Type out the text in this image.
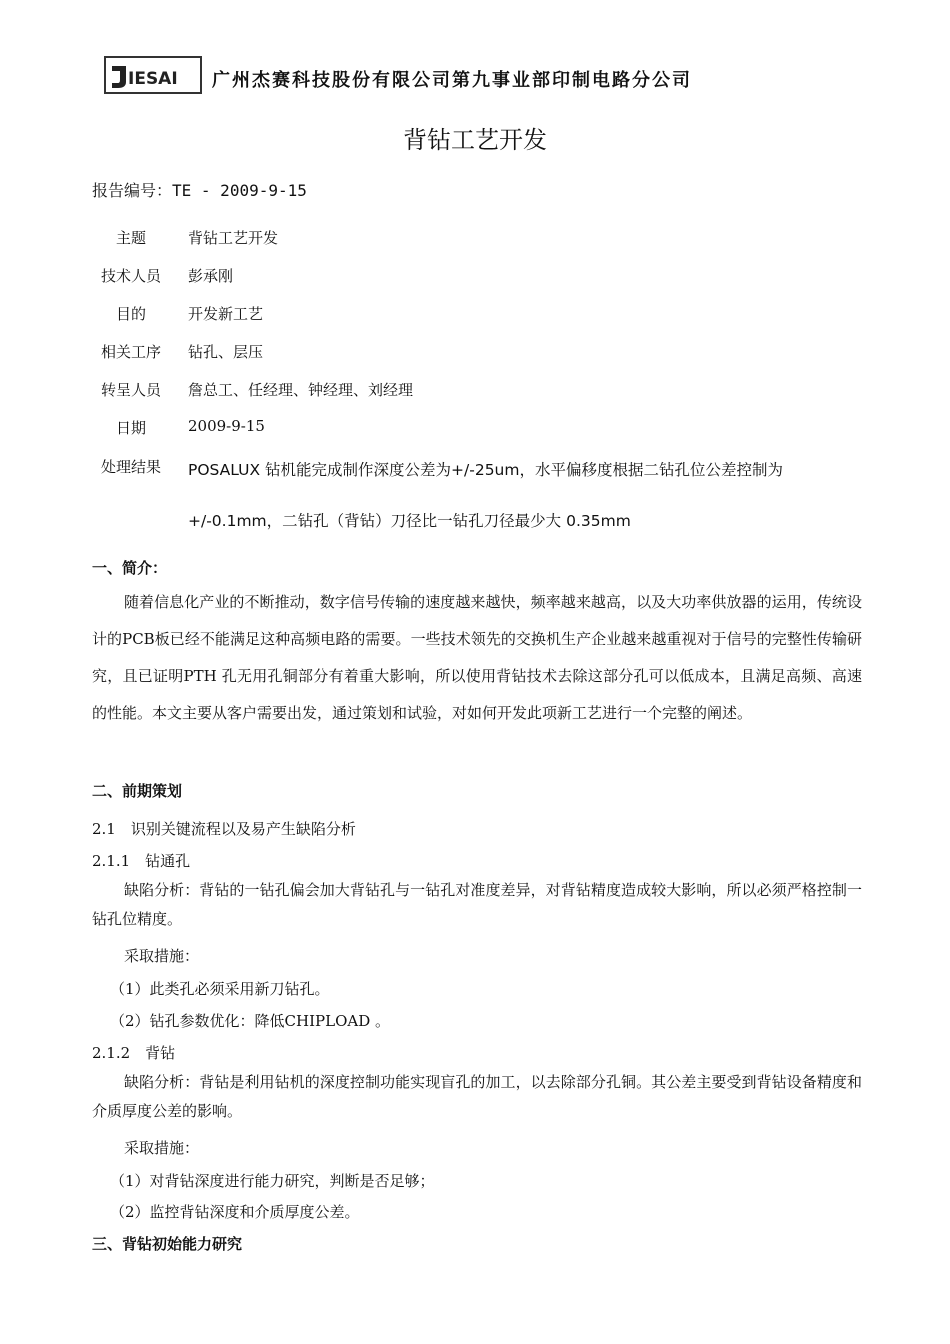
IESAI 广州杰赛科技股份有限公司第九事业部印制电路分公司
背钻工艺开发
报告编号：TE - 2009-9-15
主题	背钻工艺开发
技术人员	彭承刚
目的	开发新工艺
相关工序	钻孔、层压
转呈人员	詹总工、任经理、钟经理、刘经理
日期	2009-9-15
处理结果	POSALUX 钻机能完成制作深度公差为+/-25um，水平偏移度根据二钻孔位公差控制为
+/-0.1mm，二钻孔（背钻）刀径比一钻孔刀径最少大 0.35mm
一、简介：
随着信息化产业的不断推动，数字信号传输的速度越来越快，频率越来越高，以及大功率供放器的运用，传统设计的PCB板已经不能满足这种高频电路的需要。一些技术领先的交换机生产企业越来越重视对于信号的完整性传输研究，且已证明PTH 孔无用孔铜部分有着重大影响，所以使用背钻技术去除这部分孔可以低成本，且满足高频、高速的性能。本文主要从客户需要出发，通过策划和试验，对如何开发此项新工艺进行一个完整的阐述。
二、前期策划
2.1　识别关键流程以及易产生缺陷分析
2.1.1　钻通孔
缺陷分析：背钻的一钻孔偏会加大背钻孔与一钻孔对准度差异，对背钻精度造成较大影响，所以必须严格控制一钻孔位精度。
采取措施：
（1）此类孔必须采用新刀钻孔。
（2）钻孔参数优化：降低CHIPLOAD 。
2.1.2　背钻
缺陷分析：背钻是利用钻机的深度控制功能实现盲孔的加工，以去除部分孔铜。其公差主要受到背钻设备精度和介质厚度公差的影响。
采取措施：
（1）对背钻深度进行能力研究，判断是否足够；
（2）监控背钻深度和介质厚度公差。
三、背钻初始能力研究
